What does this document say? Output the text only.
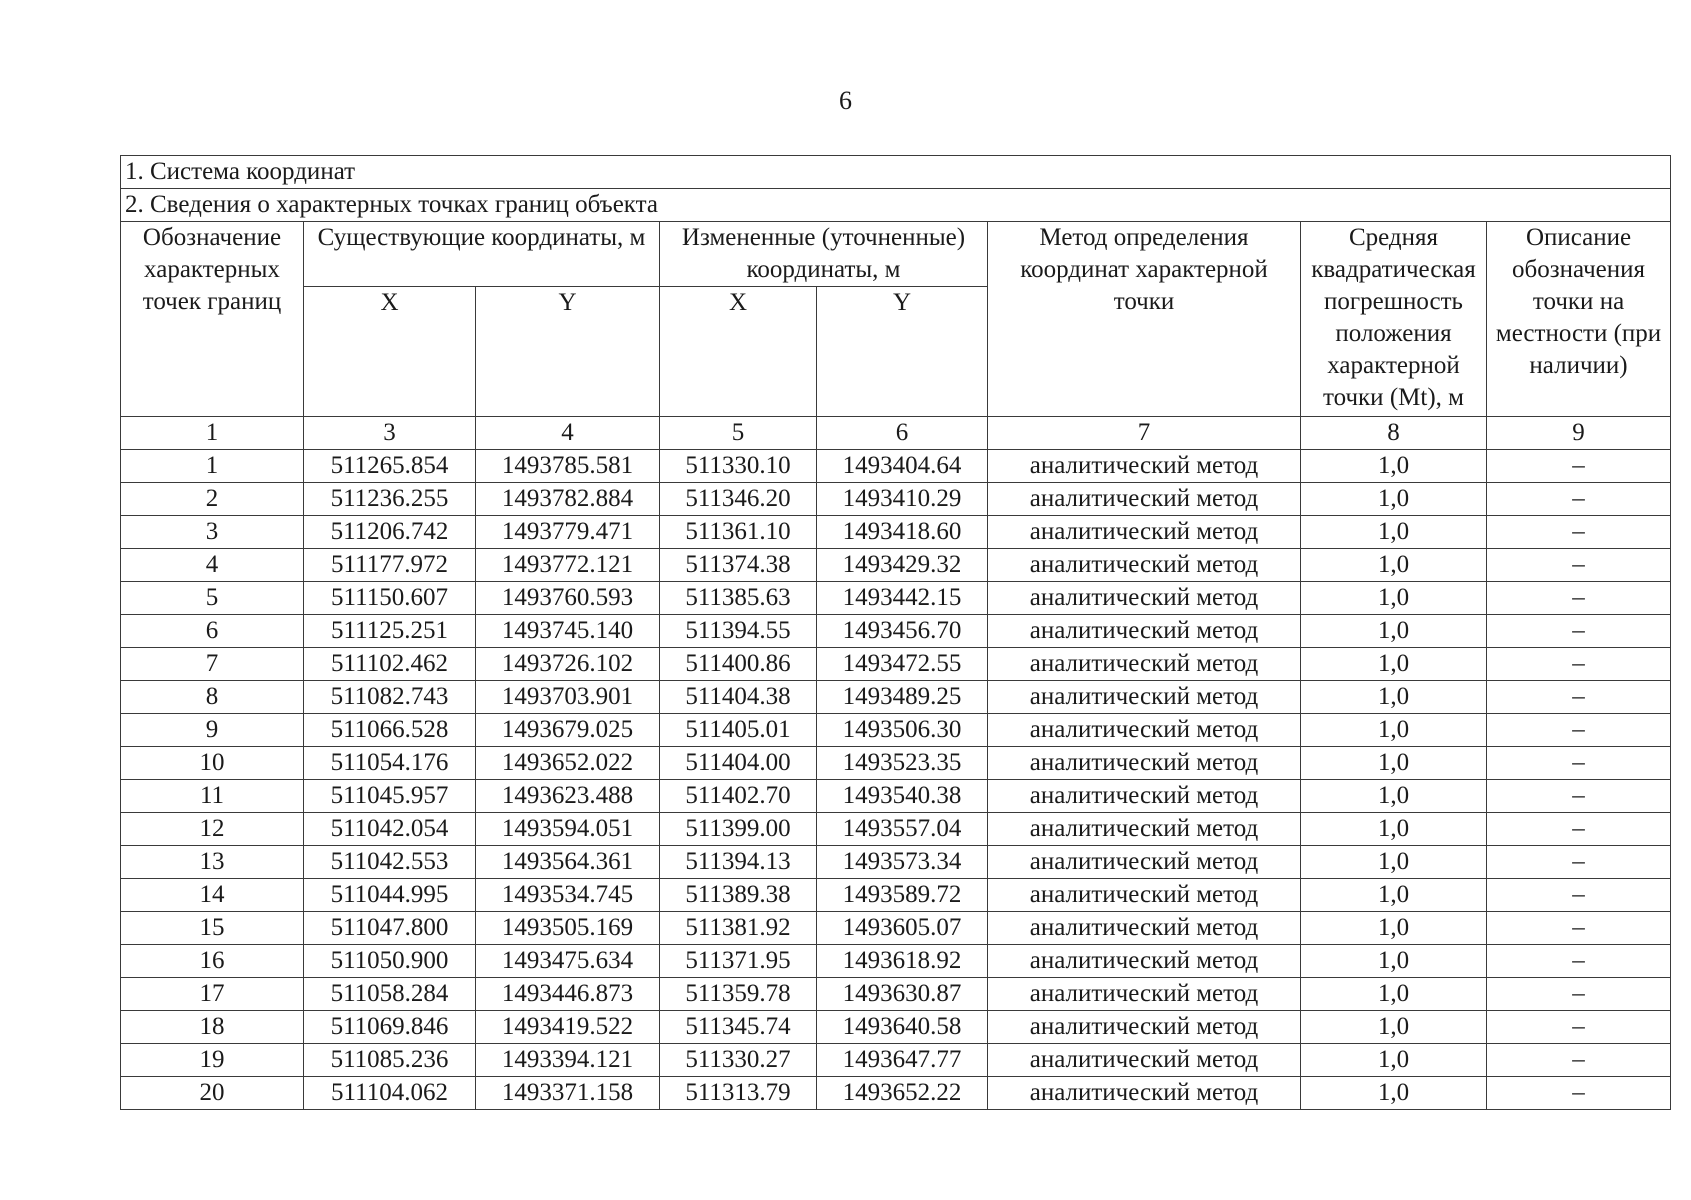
6
1. Система координат							
2. Сведения о характерных точках границ объекта							
Обозначение характерных точек границ	Существующие координаты, м		Измененные (уточненные) координаты, м		Метод определения координат характерной точки	Средняя квадратическая погрешность положения характерной точки (Mt), м	Описание обозначения точки на местности (при наличии)
	X	Y	X	Y			
1	3	4	5	6	7	8	9
1	511265.854	1493785.581	511330.10	1493404.64	аналитический метод	1,0	–
2	511236.255	1493782.884	511346.20	1493410.29	аналитический метод	1,0	–
3	511206.742	1493779.471	511361.10	1493418.60	аналитический метод	1,0	–
4	511177.972	1493772.121	511374.38	1493429.32	аналитический метод	1,0	–
5	511150.607	1493760.593	511385.63	1493442.15	аналитический метод	1,0	–
6	511125.251	1493745.140	511394.55	1493456.70	аналитический метод	1,0	–
7	511102.462	1493726.102	511400.86	1493472.55	аналитический метод	1,0	–
8	511082.743	1493703.901	511404.38	1493489.25	аналитический метод	1,0	–
9	511066.528	1493679.025	511405.01	1493506.30	аналитический метод	1,0	–
10	511054.176	1493652.022	511404.00	1493523.35	аналитический метод	1,0	–
11	511045.957	1493623.488	511402.70	1493540.38	аналитический метод	1,0	–
12	511042.054	1493594.051	511399.00	1493557.04	аналитический метод	1,0	–
13	511042.553	1493564.361	511394.13	1493573.34	аналитический метод	1,0	–
14	511044.995	1493534.745	511389.38	1493589.72	аналитический метод	1,0	–
15	511047.800	1493505.169	511381.92	1493605.07	аналитический метод	1,0	–
16	511050.900	1493475.634	511371.95	1493618.92	аналитический метод	1,0	–
17	511058.284	1493446.873	511359.78	1493630.87	аналитический метод	1,0	–
18	511069.846	1493419.522	511345.74	1493640.58	аналитический метод	1,0	–
19	511085.236	1493394.121	511330.27	1493647.77	аналитический метод	1,0	–
20	511104.062	1493371.158	511313.79	1493652.22	аналитический метод	1,0	–
